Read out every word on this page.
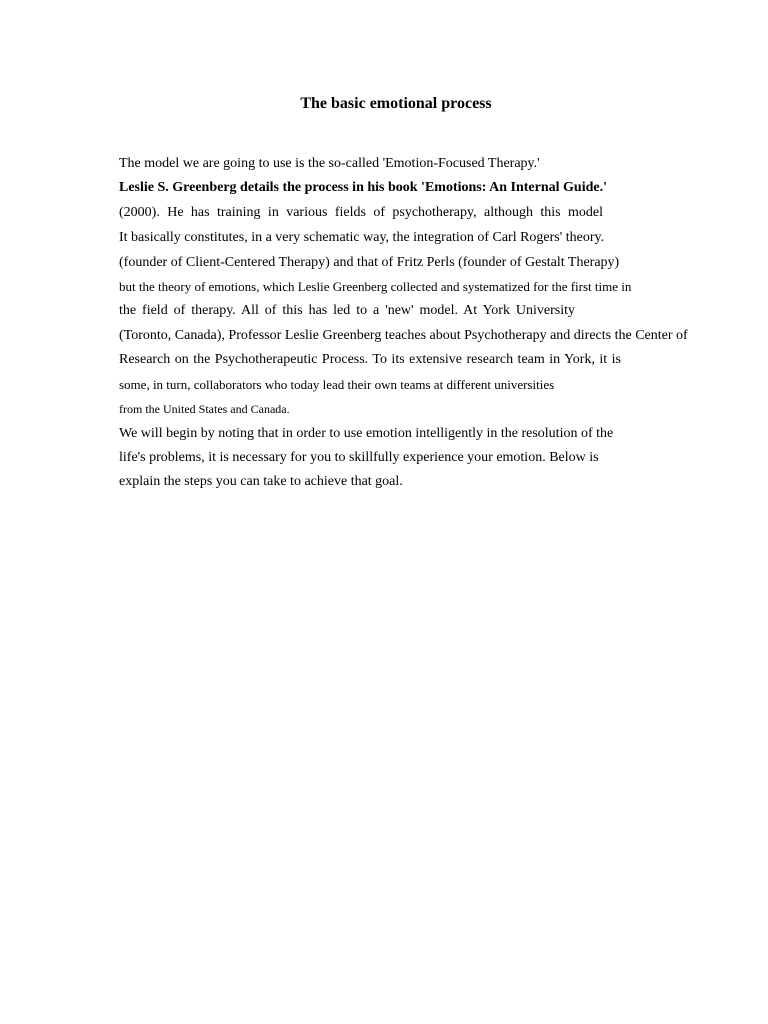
The basic emotional process

The model we are going to use is the so-called 'Emotion-Focused Therapy.'

Leslie S. Greenberg details the process in his book 'Emotions: An Internal Guide.'

(2000). He has training in various fields of psychotherapy, although this model

It basically constitutes, in a very schematic way, the integration of Carl Rogers' theory.

(founder of Client-Centered Therapy) and that of Fritz Perls (founder of Gestalt Therapy)

but the theory of emotions, which Leslie Greenberg collected and systematized for the first time in

the field of therapy. All of this has led to a 'new' model. At York University

(Toronto, Canada), Professor Leslie Greenberg teaches about Psychotherapy and directs the Center of

Research on the Psychotherapeutic Process. To its extensive research team in York, it is

some, in turn, collaborators who today lead their own teams at different universities

from the United States and Canada.

We will begin by noting that in order to use emotion intelligently in the resolution of the

life's problems, it is necessary for you to skillfully experience your emotion. Below is

explain the steps you can take to achieve that goal.
